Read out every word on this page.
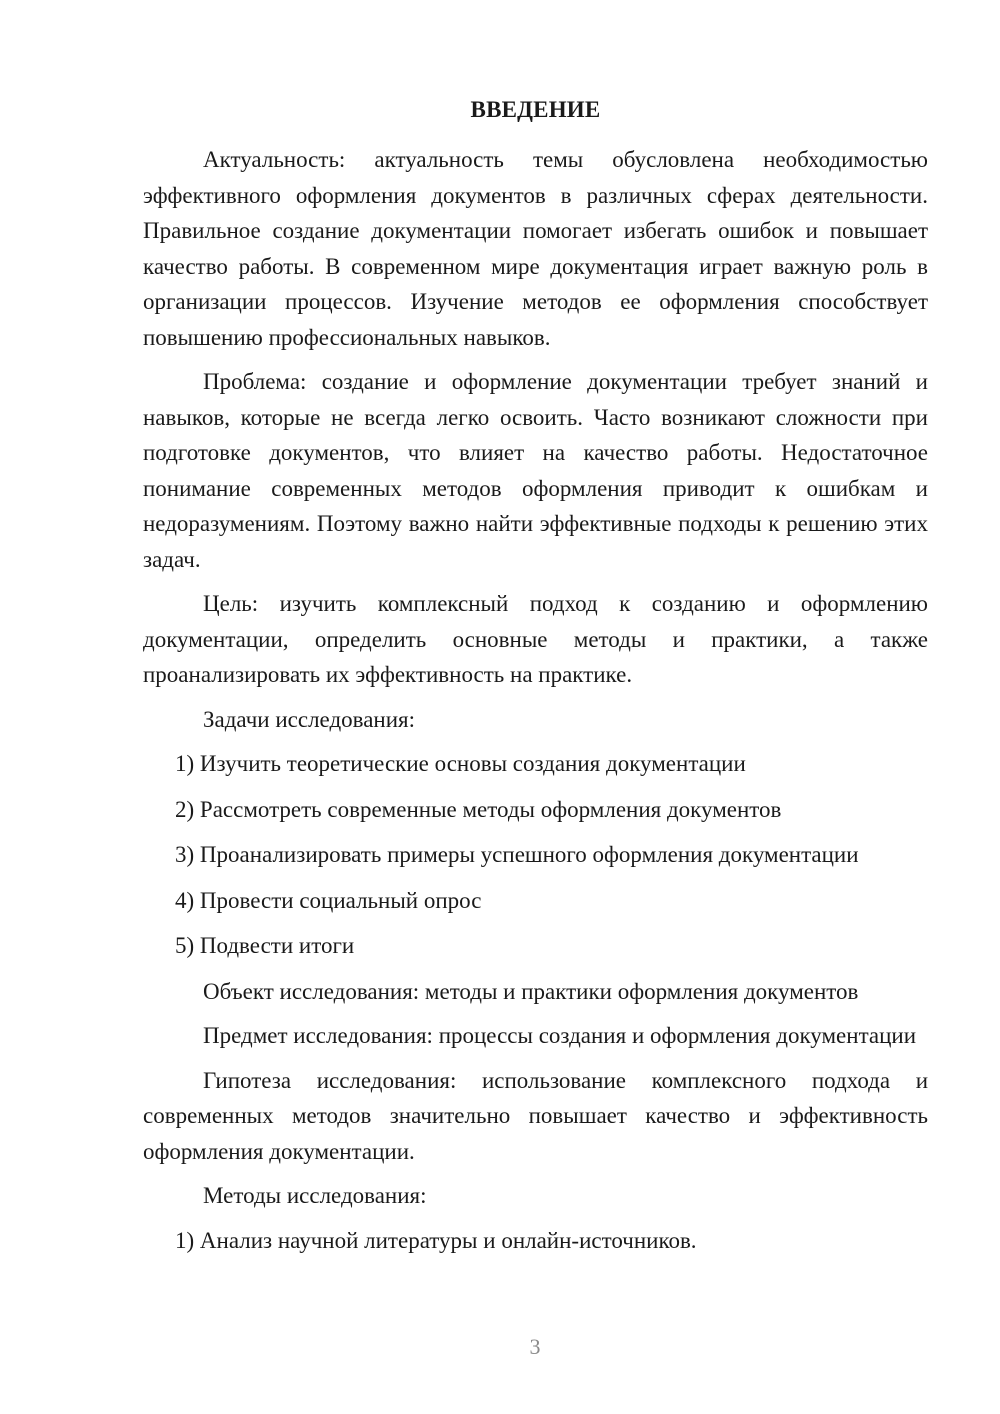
ВВЕДЕНИЕ

Актуальность: актуальность темы обусловлена необходимостью эффективного оформления документов в различных сферах деятельности. Правильное создание документации помогает избегать ошибок и повышает качество работы. В современном мире документация играет важную роль в организации процессов. Изучение методов ее оформления способствует повышению профессиональных навыков.

Проблема: создание и оформление документации требует знаний и навыков, которые не всегда легко освоить. Часто возникают сложности при подготовке документов, что влияет на качество работы. Недостаточное понимание современных методов оформления приводит к ошибкам и недоразумениям. Поэтому важно найти эффективные подходы к решению этих задач.

Цель: изучить комплексный подход к созданию и оформлению документации, определить основные методы и практики, а также проанализировать их эффективность на практике.

Задачи исследования:

1) Изучить теоретические основы создания документации
2) Рассмотреть современные методы оформления документов
3) Проанализировать примеры успешного оформления документации
4) Провести социальный опрос
5) Подвести итоги

Объект исследования: методы и практики оформления документов

Предмет исследования: процессы создания и оформления документации

Гипотеза исследования: использование комплексного подхода и современных методов значительно повышает качество и эффективность оформления документации.

Методы исследования:

1) Анализ научной литературы и онлайн-источников.
3
